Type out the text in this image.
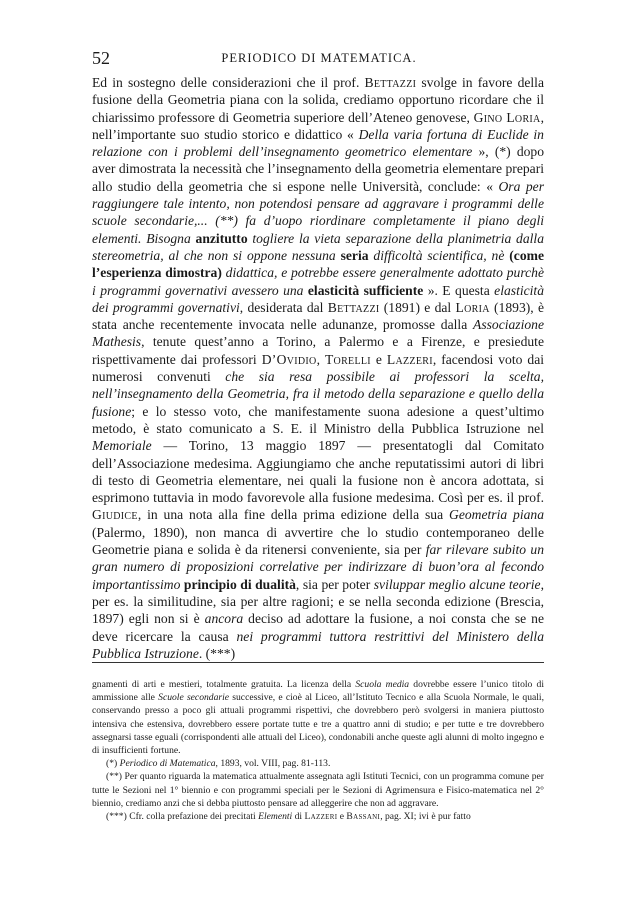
52	PERIODICO DI MATEMATICA.

Ed in sostegno delle considerazioni che il prof. Bettazzi svolge in favore della fusione della Geometria piana con la solida, crediamo opportuno ricordare che il chiarissimo professore di Geometria superiore dell’Ateneo genovese, Gino Loria, nell’importante suo studio storico e didattico « Della varia fortuna di Euclide in relazione con i problemi dell’insegnamento geometrico elementare », (*) dopo aver dimostrata la necessità che l’insegnamento della geometria elementare prepari allo studio della geometria che si espone nelle Università, conclude: « Ora per raggiungere tale intento, non potendosi pensare ad aggravare i programmi delle scuole secondarie,... (**) fa d’uopo riordinare completamente il piano degli elementi. Bisogna anzitutto togliere la vieta separazione della planimetria dalla stereometria, al che non si oppone nessuna seria difficoltà scientifica, nè (come l’esperienza dimostra) didattica, e potrebbe essere generalmente adottato purchè i programmi governativi avessero una elasticità sufficiente ». E questa elasticità dei programmi governativi, desiderata dal Bettazzi (1891) e dal Loria (1893), è stata anche recentemente invocata nelle adunanze, promosse dalla Associazione Mathesis, tenute quest’anno a Torino, a Palermo e a Firenze, e presiedute rispettivamente dai professori D’Ovidio, Torelli e Lazzeri, facendosi voto dai numerosi convenuti che sia resa possibile ai professori la scelta, nell’insegnamento della Geometria, fra il metodo della separazione e quello della fusione; e lo stesso voto, che manifestamente suona adesione a quest’ultimo metodo, è stato comunicato a S. E. il Ministro della Pubblica Istruzione nel Memoriale — Torino, 13 maggio 1897 — presentatogli dal Comitato dell’Associazione medesima. Aggiungiamo che anche reputatissimi autori di libri di testo di Geometria elementare, nei quali la fusione non è ancora adottata, si esprimono tuttavia in modo favorevole alla fusione medesima. Così per es. il prof. Giudice, in una nota alla fine della prima edizione della sua Geometria piana (Palermo, 1890), non manca di avvertire che lo studio contemporaneo delle Geometrie piana e solida è da ritenersi conveniente, sia per far rilevare subito un gran numero di proposizioni correlative per indirizzare di buon’ora al fecondo importantissimo principio di dualità, sia per poter sviluppar meglio alcune teorie, per es. la similitudine, sia per altre ragioni; e se nella seconda edizione (Brescia, 1897) egli non si è ancora deciso ad adottare la fusione, a noi consta che se ne deve ricercare la causa nei programmi tuttora restrittivi del Ministero della Pubblica Istruzione. (***)

gnamenti di arti e mestieri, totalmente gratuita. La licenza della Scuola media dovrebbe essere l’unico titolo di ammissione alle Scuole secondarie successive, e cioè al Liceo, all’Istituto Tecnico e alla Scuola Normale, le quali, conservando presso a poco gli attuali programmi rispettivi, che dovrebbero però svolgersi in maniera piuttosto intensiva che estensiva, dovrebbero essere portate tutte e tre a quattro anni di studio; e per tutte e tre dovrebbero assegnarsi tasse eguali (corrispondenti alle attuali del Liceo), condonabili anche queste agli alunni di molto ingegno e di insufficienti fortune.

(*) Periodico di Matematica, 1893, vol. VIII, pag. 81-113.

(**) Per quanto riguarda la matematica attualmente assegnata agli Istituti Tecnici, con un programma comune per tutte le Sezioni nel 1° biennio e con programmi speciali per le Sezioni di Agrimensura e Fisico-matematica nel 2° biennio, crediamo anzi che si debba piuttosto pensare ad alleggerire che non ad aggravare.

(***) Cfr. colla prefazione dei precitati Elementi di Lazzeri e Bassani, pag. XI; ivi è pur fatto
